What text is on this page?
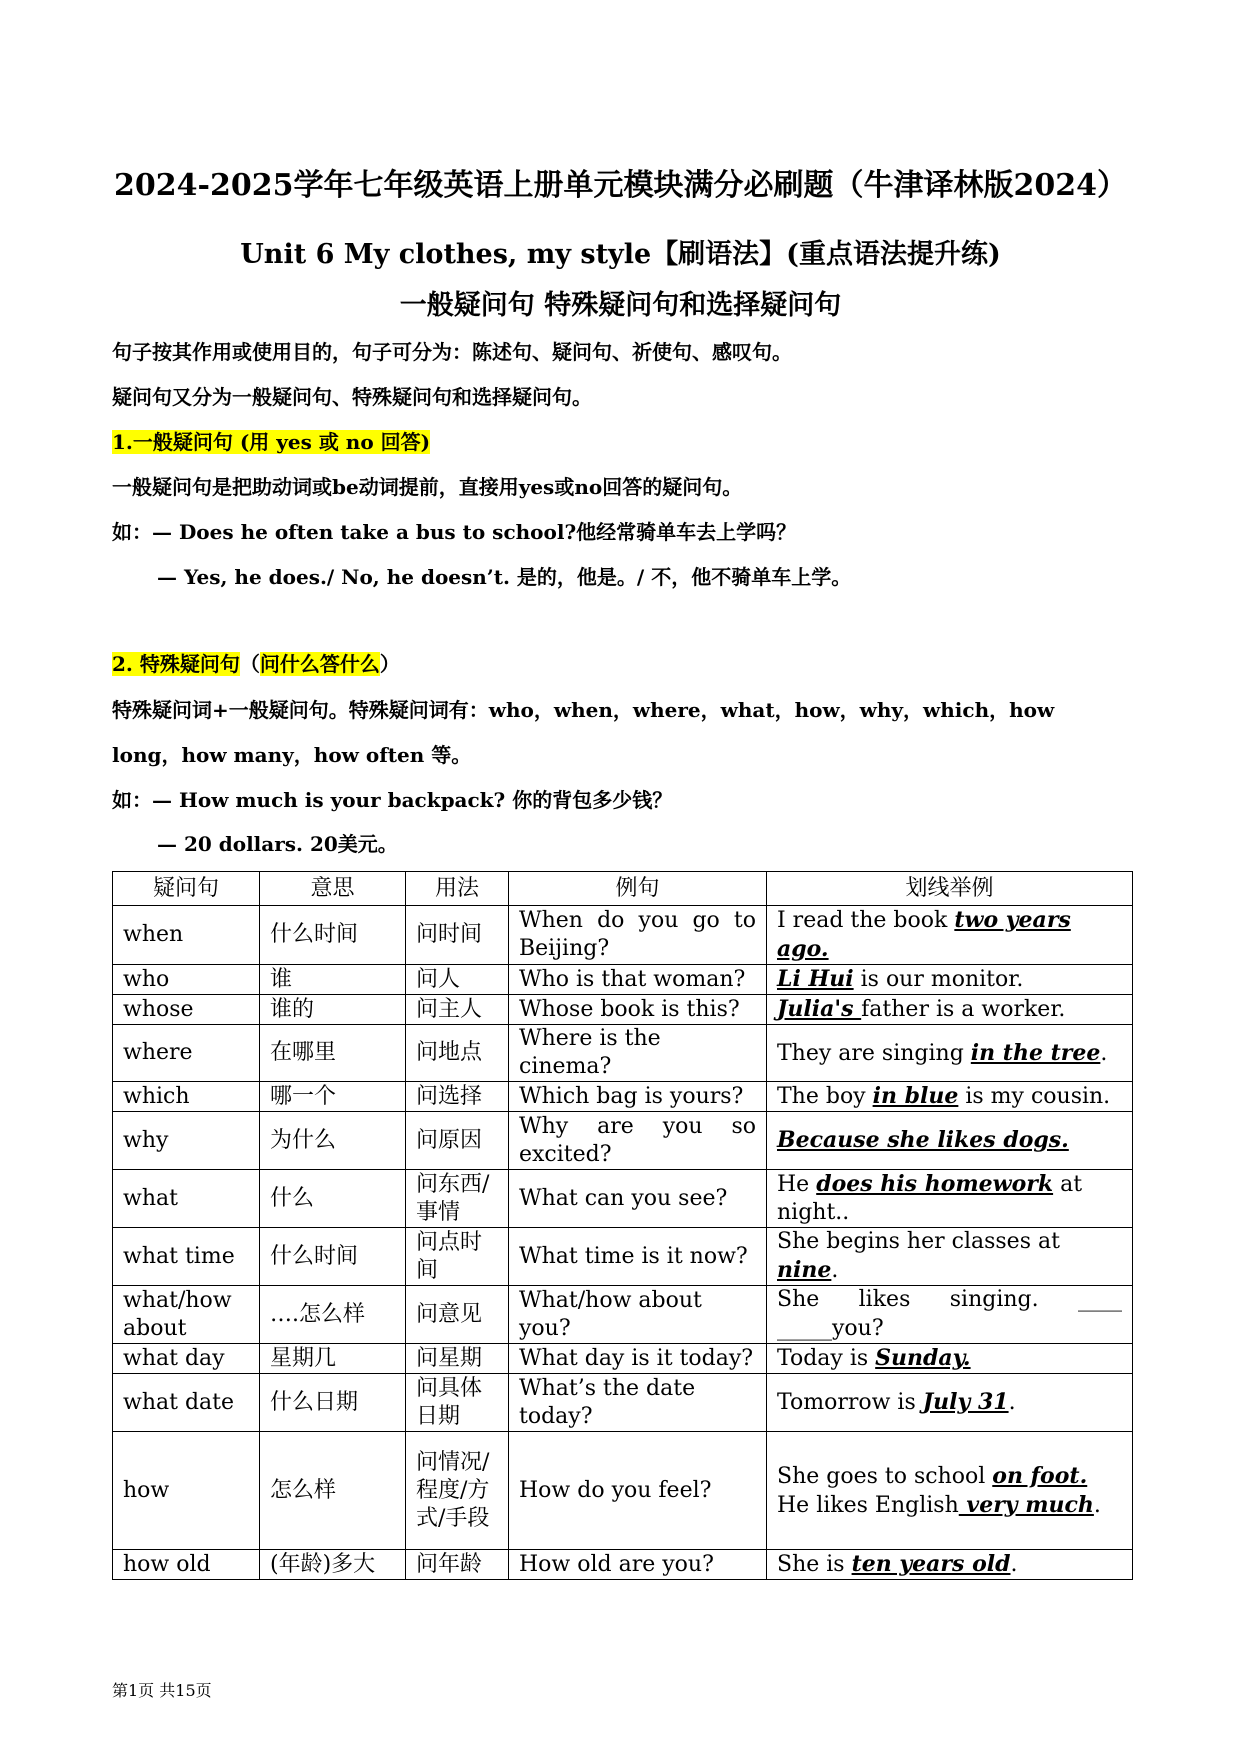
2024-2025学年七年级英语上册单元模块满分必刷题（牛津译林版2024）
Unit 6 My clothes, my style【刷语法】(重点语法提升练)
一般疑问句 特殊疑问句和选择疑问句
句子按其作用或使用目的，句子可分为：陈述句、疑问句、祈使句、感叹句。
疑问句又分为一般疑问句、特殊疑问句和选择疑问句。
1.一般疑问句 (用 yes 或 no 回答)
一般疑问句是把助动词或be动词提前，直接用yes或no回答的疑问句。
如：— Does he often take a bus to school?他经常骑单车去上学吗？
— Yes, he does./ No, he doesn’t. 是的，他是。/ 不，他不骑单车上学。
2. 特殊疑问句（问什么答什么）
特殊疑问词+一般疑问句。特殊疑问词有：who，when，where，what，how，why，which，how
long，how many，how often 等。
如：— How much is your backpack? 你的背包多少钱？
— 20 dollars. 20美元。
疑问句	意思	用法	例句	划线举例
when	什么时间	问时间	When do you go to Beijing?	I read the book two years ago.
who	谁	问人	Who is that woman?	Li Hui is our monitor.
whose	谁的	问主人	Whose book is this?	Julia's father is a worker.
where	在哪里	问地点	Where is the cinema?	They are singing in the tree.
which	哪一个	问选择	Which bag is yours?	The boy in blue is my cousin.
why	为什么	问原因	Why are you so excited?	Because she likes dogs.
what	什么	问东西/事情	What can you see?	He does his homework at night..
what time	什么时间	问点时间	What time is it now?	She begins her classes at nine.
what/how about	….怎么样	问意见	What/how about you?	She likes singing. ____ _____you?
what day	星期几	问星期	What day is it today?	Today is Sunday.
what date	什么日期	问具体日期	What’s the date today?	Tomorrow is July 31.
how	怎么样	问情况/程度/方式/手段	How do you feel?	She goes to school on foot.
He likes English very much.

how old	(年龄)多大	问年龄	How old are you?	She is ten years old.
第1页 共15页
